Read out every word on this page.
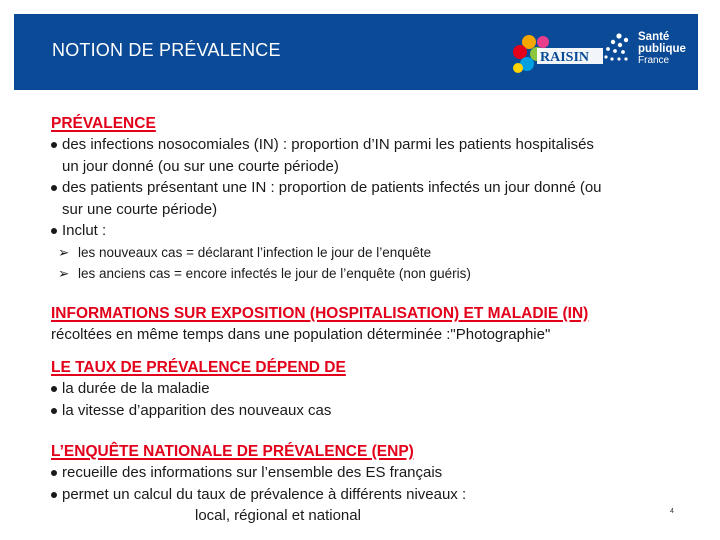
NOTION DE PRÉVALENCE	RAISIN
Santé
publique
France
PRÉVALENCE
des infections nosocomiales (IN) : proportion d’IN parmi les patients hospitalisés
un jour donné (ou sur une courte période)
des patients présentant une IN : proportion de patients infectés un jour donné (ou
sur une courte période)
Inclut :
➢ les nouveaux cas = déclarant l’infection le jour de l’enquête
➢ les anciens cas = encore infectés le jour de l’enquête (non guéris)
INFORMATIONS SUR EXPOSITION (HOSPITALISATION) ET MALADIE (IN)
récoltées en même temps dans une population déterminée :"Photographie"
LE TAUX DE PRÉVALENCE DÉPEND DE
la durée de la maladie
la vitesse d’apparition des nouveaux cas
L’ENQUÊTE NATIONALE DE PRÉVALENCE (ENP)
recueille des informations sur l’ensemble des ES français
permet un calcul du taux de prévalence à différents niveaux :
local, régional et national	4
